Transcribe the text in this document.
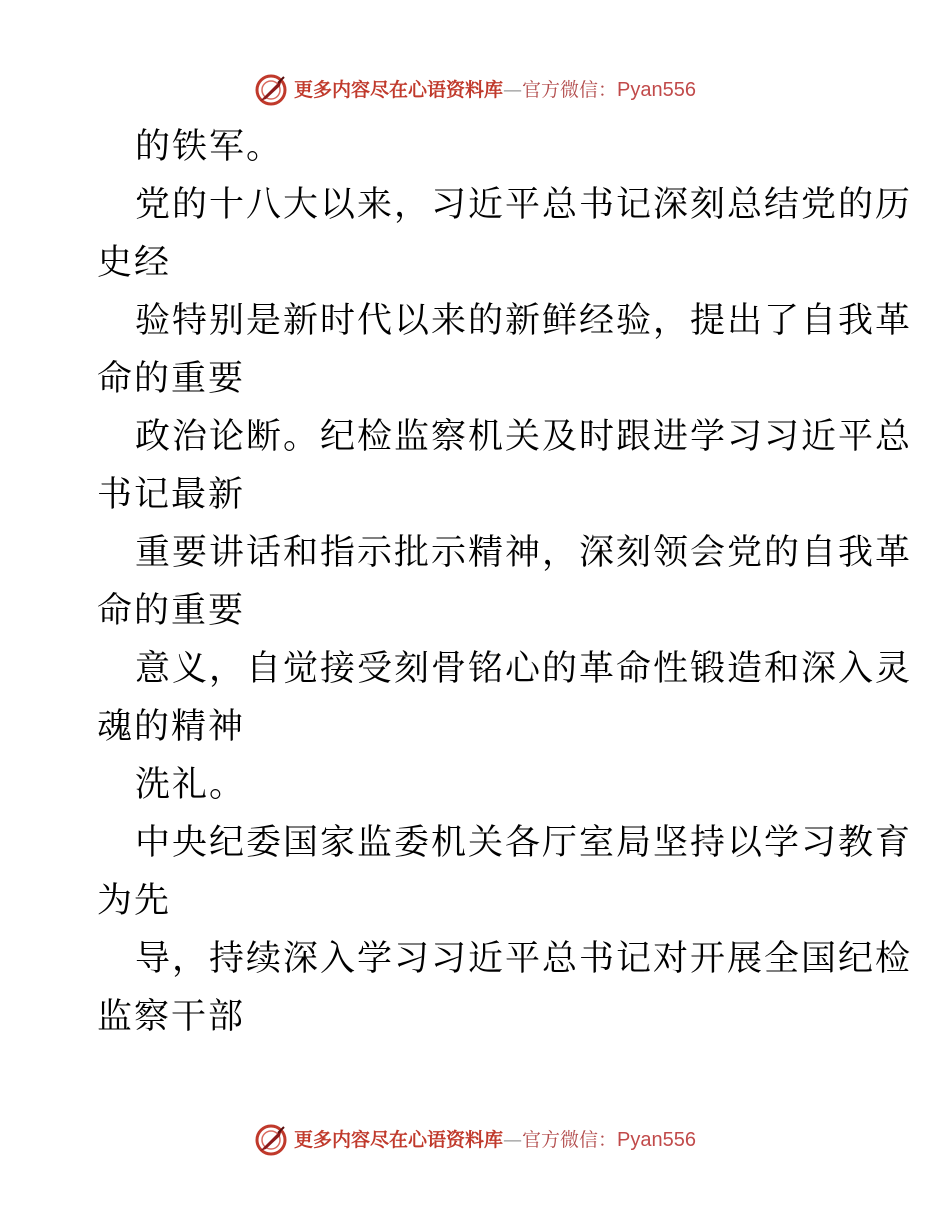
更多内容尽在心语资料库—官方微信：Pyan556
的铁军。
党的十八大以来，习近平总书记深刻总结党的历
史经
验特别是新时代以来的新鲜经验，提出了自我革
命的重要
政治论断。纪检监察机关及时跟进学习习近平总
书记最新
重要讲话和指示批示精神，深刻领会党的自我革
命的重要
意义，自觉接受刻骨铭心的革命性锻造和深入灵
魂的精神
洗礼。
中央纪委国家监委机关各厅室局坚持以学习教育
为先
导，持续深入学习习近平总书记对开展全国纪检
监察干部
更多内容尽在心语资料库—官方微信：Pyan556
